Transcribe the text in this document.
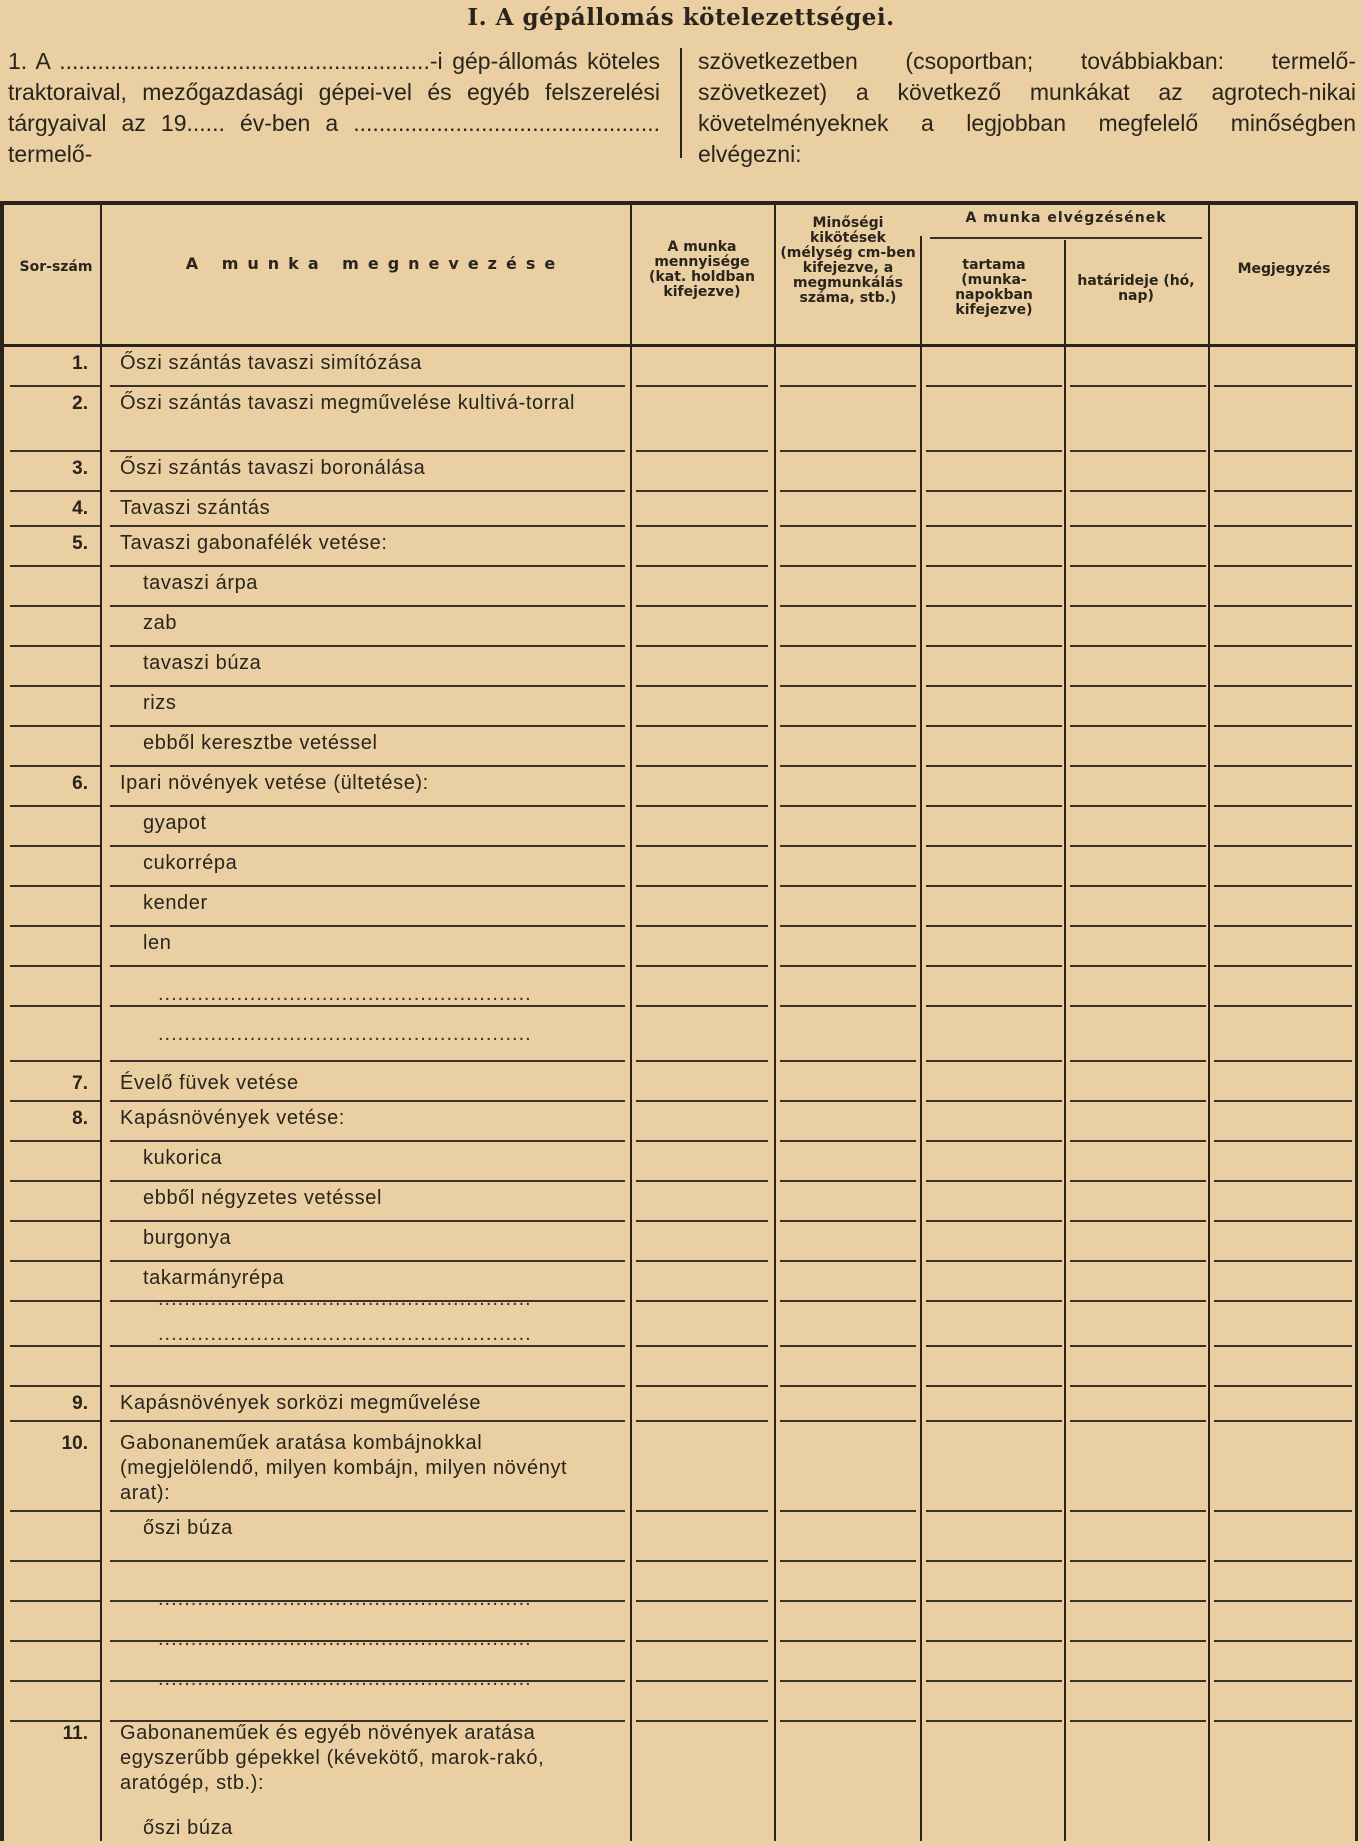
I. A gépállomás kötelezettségei.
1. A ..........................................................-i gép-állomás köteles traktoraival, mezőgazdasági gépei-vel és egyéb felszerelési tárgyaival az 19...... év-ben a ................................................ termelő-
szövetkezetben (csoportban; továbbiakban: termelő-szövetkezet) a következő munkákat az agrotech-nikai követelményeknek a legjobban megfelelő minőségben elvégezni:
Sor-szám	A munka megnevezése
A munka mennyisége (kat. holdban kifejezve)
Minőségi kikötések (mélység cm-ben kifejezve, a megmunkálás száma, stb.)
A munka elvégzésének
tartama (munka-napokban kifejezve)
határideje (hó, nap)
Megjegyzés
1. Őszi szántás tavaszi simítózása
2. Őszi szántás tavaszi megművelése kultivá-torral
3. Őszi szántás tavaszi boronálása
4. Tavaszi szántás
5. Tavaszi gabonafélék vetése:
tavaszi árpa
zab
tavaszi búza
rizs
ebből keresztbe vetéssel
6. Ipari növények vetése (ültetése):
gyapot
cukorrépa
kender
len
7. Évelő füvek vetése
8. Kapásnövények vetése:
kukorica
ebből négyzetes vetéssel
burgonya
takarmányrépa
9. Kapásnövények sorközi megművelése
10. Gabonaneműek aratása kombájnokkal (megjelölendő, milyen kombájn, milyen növényt arat):
őszi búza
11. Gabonaneműek és egyéb növények aratása egyszerűbb gépekkel (kévekötő, marok-rakó, aratógép, stb.):
őszi búza
.........................................................
.........................................................
.........................................................
.........................................................
.........................................................
.........................................................
.........................................................
